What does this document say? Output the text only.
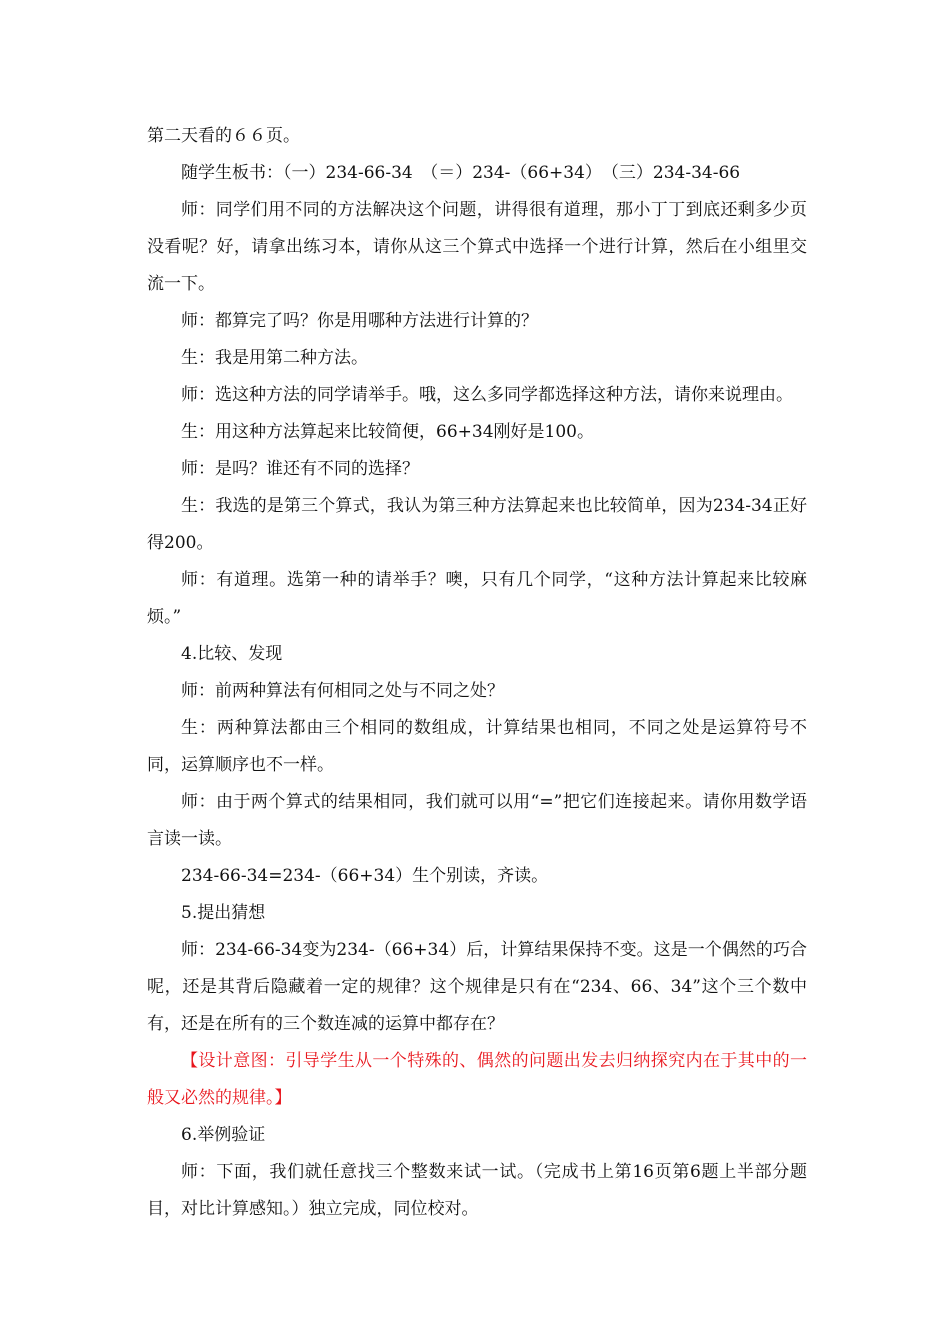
第二天看的６６页。

随学生板书：（一）234-66-34　（＝）234-（66+34）　（三）234-34-66

师：同学们用不同的方法解决这个问题，讲得很有道理，那小丁丁到底还剩多少页没看呢？好，请拿出练习本，请你从这三个算式中选择一个进行计算，然后在小组里交流一下。

师：都算完了吗？你是用哪种方法进行计算的？

生：我是用第二种方法。

师：选这种方法的同学请举手。哦，这么多同学都选择这种方法，请你来说理由。

生：用这种方法算起来比较简便，66+34刚好是100。

师：是吗？谁还有不同的选择？

生：我选的是第三个算式，我认为第三种方法算起来也比较简单，因为234-34正好得200。

师：有道理。选第一种的请举手？噢，只有几个同学，“这种方法计算起来比较麻烦。”

4.比较、发现

师：前两种算法有何相同之处与不同之处？

生：两种算法都由三个相同的数组成，计算结果也相同，不同之处是运算符号不同，运算顺序也不一样。

师：由于两个算式的结果相同，我们就可以用“=”把它们连接起来。请你用数学语言读一读。

234-66-34=234-（66+34）生个别读，齐读。

5.提出猜想

师：234-66-34变为234-（66+34）后，计算结果保持不变。这是一个偶然的巧合呢，还是其背后隐藏着一定的规律？这个规律是只有在“234、66、34”这个三个数中有，还是在所有的三个数连减的运算中都存在？

【设计意图：引导学生从一个特殊的、偶然的问题出发去归纳探究内在于其中的一般又必然的规律。】

6.举例验证

师：下面，我们就任意找三个整数来试一试。（完成书上第16页第6题上半部分题目，对比计算感知。）独立完成，同位校对。
